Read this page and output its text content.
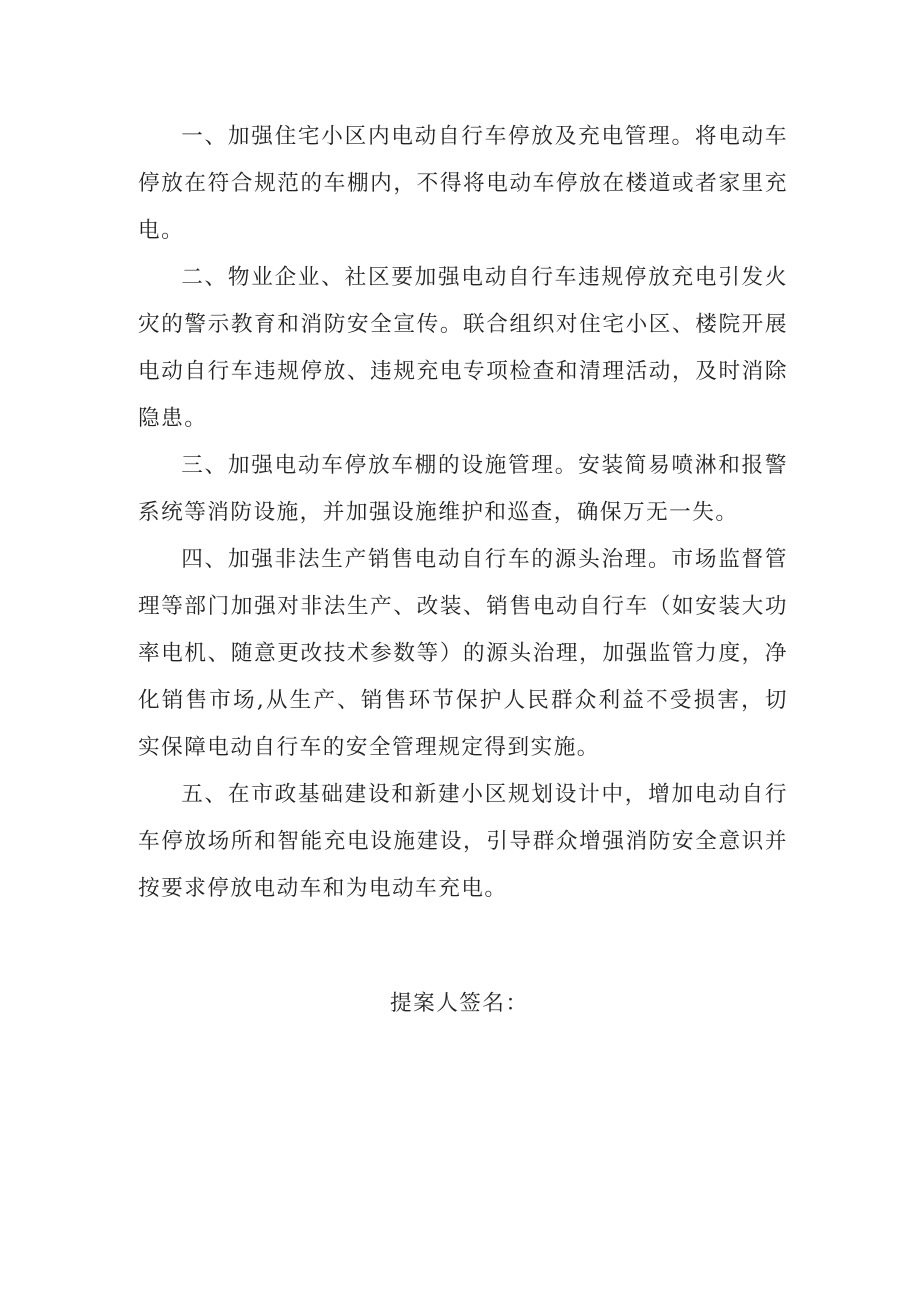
一、加强住宅小区内电动自行车停放及充电管理。将电动车停放在符合规范的车棚内，不得将电动车停放在楼道或者家里充电。

二、物业企业、社区要加强电动自行车违规停放充电引发火灾的警示教育和消防安全宣传。联合组织对住宅小区、楼院开展电动自行车违规停放、违规充电专项检查和清理活动，及时消除隐患。

三、加强电动车停放车棚的设施管理。安装简易喷淋和报警系统等消防设施，并加强设施维护和巡查，确保万无一失。

四、加强非法生产销售电动自行车的源头治理。市场监督管理等部门加强对非法生产、改装、销售电动自行车（如安装大功率电机、随意更改技术参数等）的源头治理，加强监管力度，净化销售市场,从生产、销售环节保护人民群众利益不受损害，切实保障电动自行车的安全管理规定得到实施。

五、在市政基础建设和新建小区规划设计中，增加电动自行车停放场所和智能充电设施建设，引导群众增强消防安全意识并按要求停放电动车和为电动车充电。

提案人签名：
